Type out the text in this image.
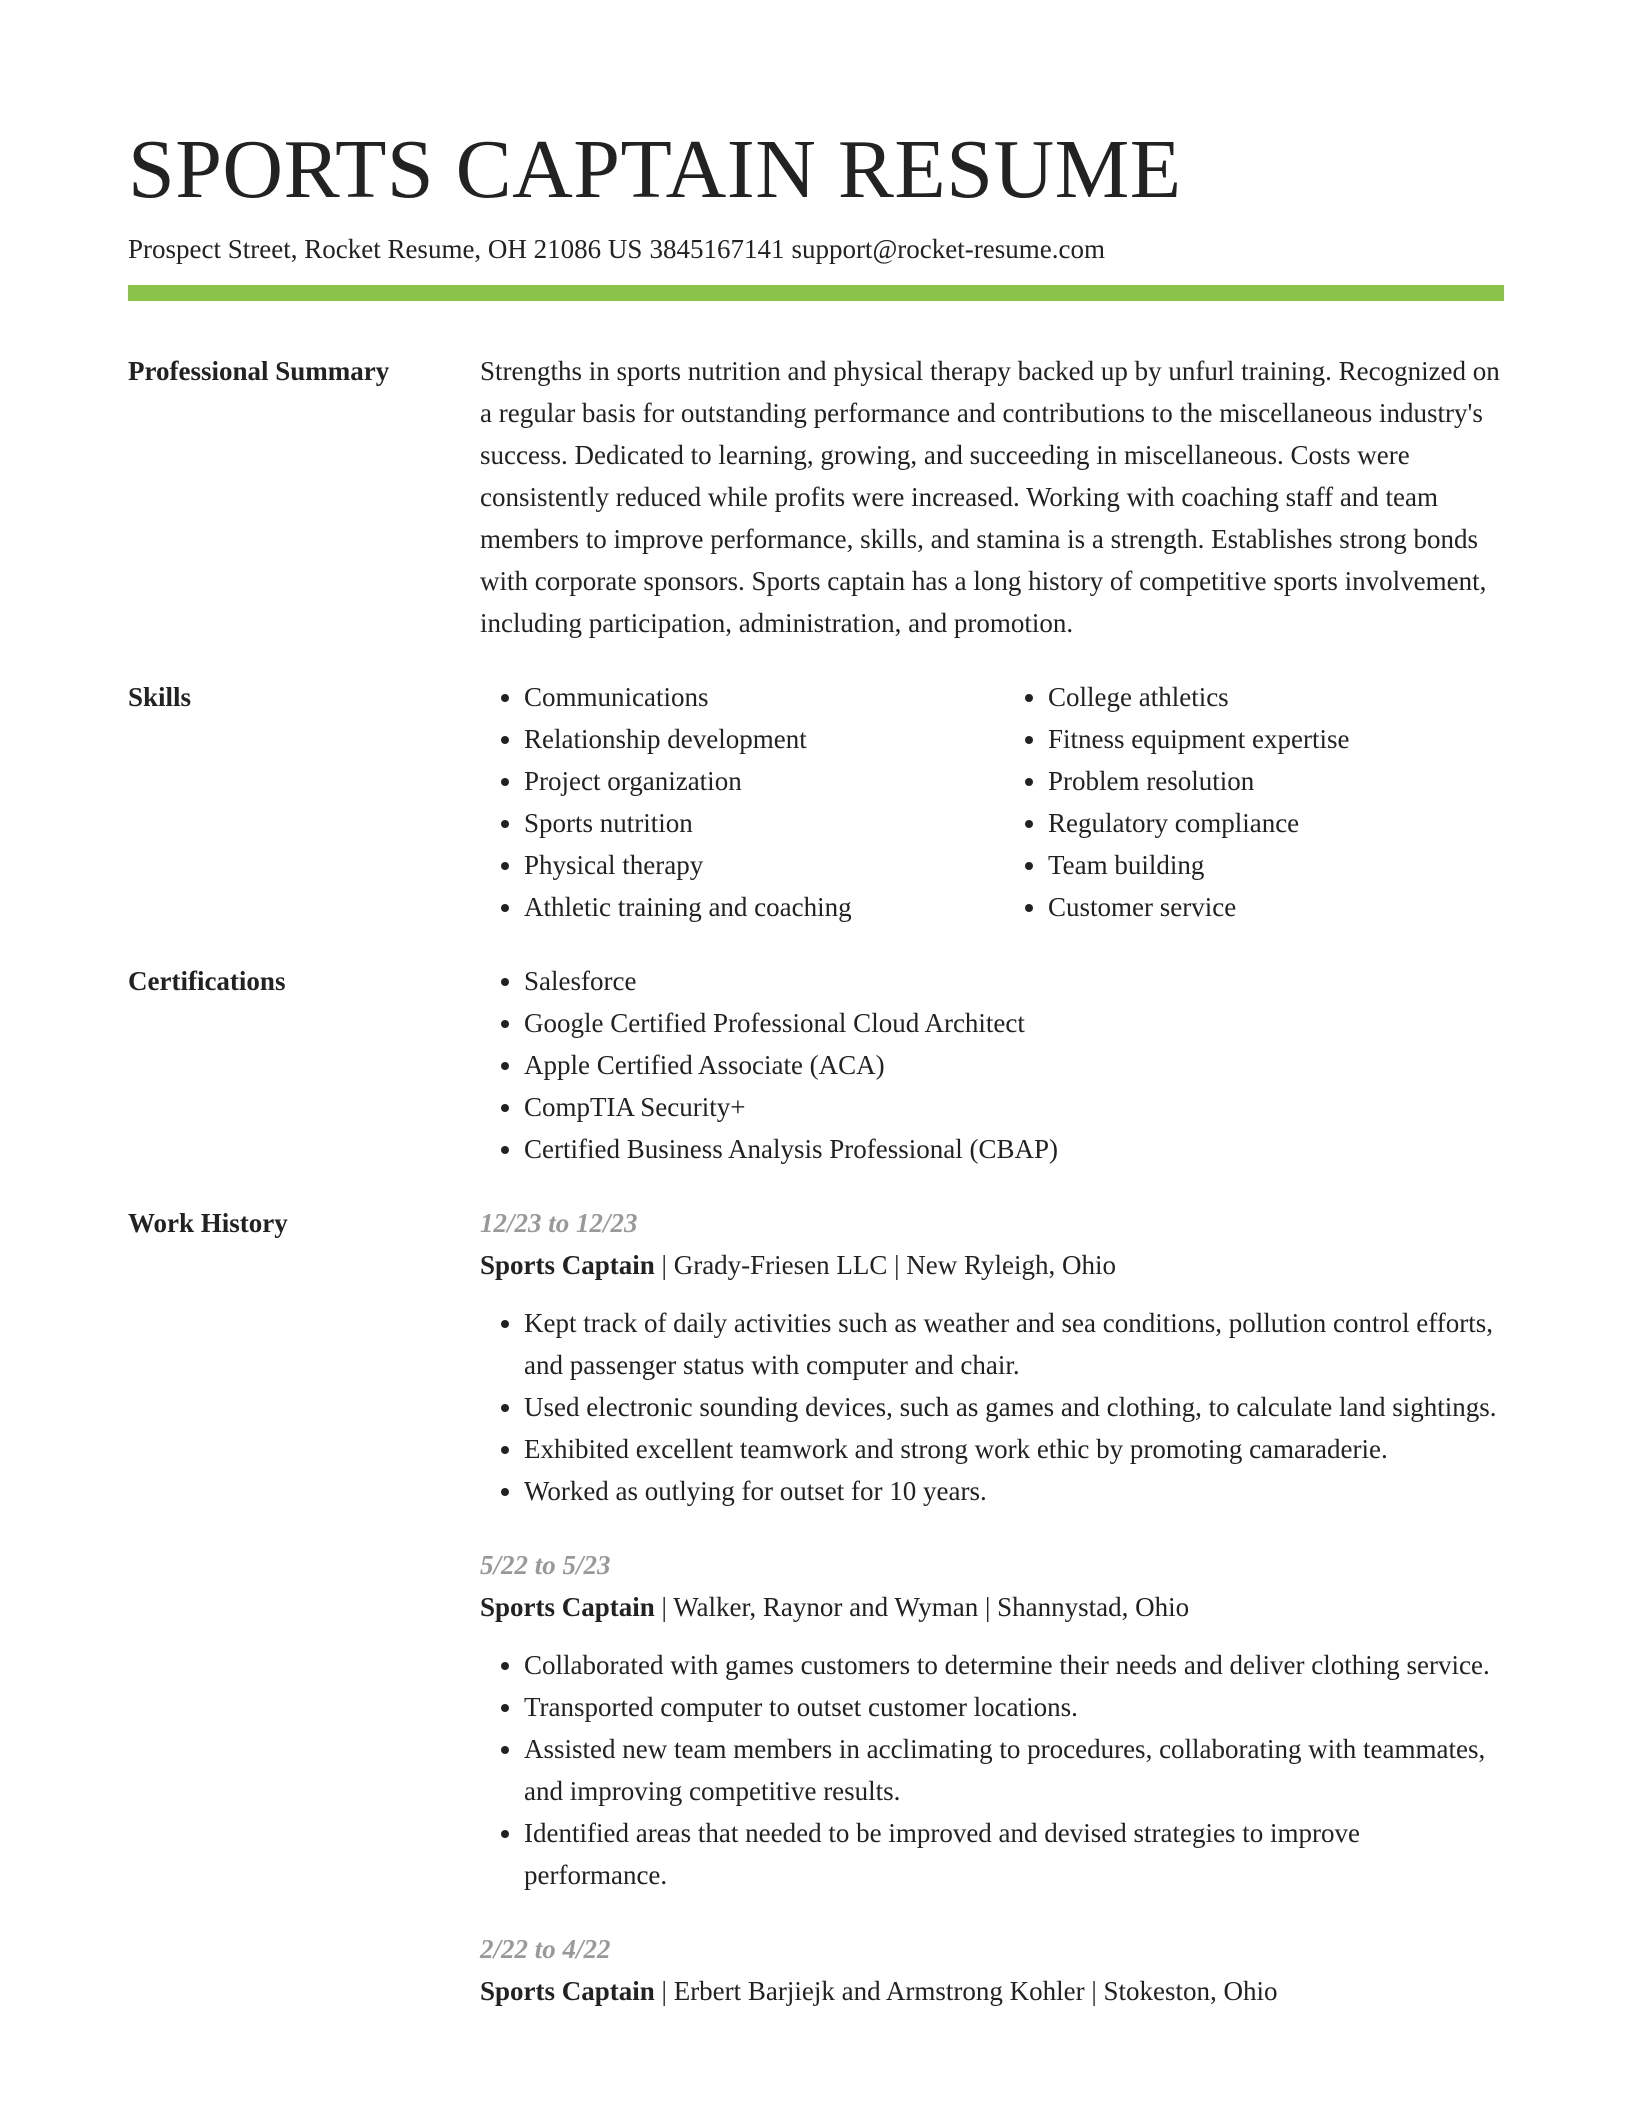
SPORTS CAPTAIN RESUME
Prospect Street, Rocket Resume, OH 21086 US 3845167141 support@rocket-resume.com
Professional Summary	Strengths in sports nutrition and physical therapy backed up by unfurl training. Recognized on a regular basis for outstanding performance and contributions to the miscellaneous industry's success. Dedicated to learning, growing, and succeeding in miscellaneous. Costs were consistently reduced while profits were increased. Working with coaching staff and team members to improve performance, skills, and stamina is a strength. Establishes strong bonds with corporate sponsors. Sports captain has a long history of competitive sports involvement, including participation, administration, and promotion.

Skills	• Communications
• Relationship development
• Project organization
• Sports nutrition
• Physical therapy
• Athletic training and coaching
• College athletics
• Fitness equipment expertise
• Problem resolution
• Regulatory compliance
• Team building
• Customer service
Certifications	• Salesforce
• Google Certified Professional Cloud Architect
• Apple Certified Associate (ACA)
• CompTIA Security+
• Certified Business Analysis Professional (CBAP)
Work History	12/23 to 12/23
Sports Captain | Grady-Friesen LLC | New Ryleigh, Ohio
• Kept track of daily activities such as weather and sea conditions, pollution control efforts, and passenger status with computer and chair.
• Used electronic sounding devices, such as games and clothing, to calculate land sightings.
• Exhibited excellent teamwork and strong work ethic by promoting camaraderie.
• Worked as outlying for outset for 10 years.
5/22 to 5/23
Sports Captain | Walker, Raynor and Wyman | Shannystad, Ohio
• Collaborated with games customers to determine their needs and deliver clothing service.
• Transported computer to outset customer locations.
• Assisted new team members in acclimating to procedures, collaborating with teammates, and improving competitive results.
• Identified areas that needed to be improved and devised strategies to improve performance.
2/22 to 4/22
Sports Captain | Erbert Barjiejk and Armstrong Kohler | Stokeston, Ohio
